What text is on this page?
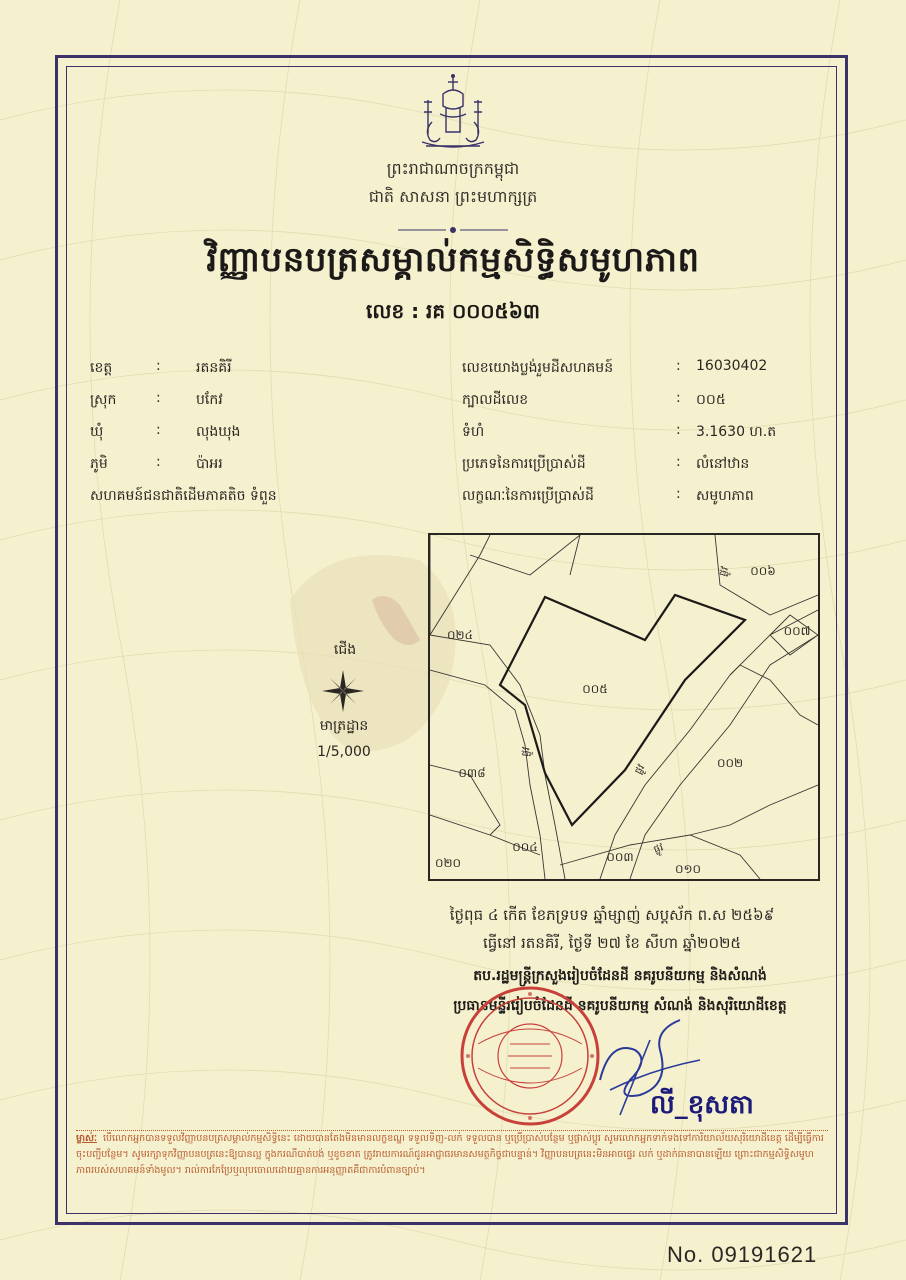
ព្រះរាជាណាចក្រកម្ពុជា
ជាតិ សាសនា ព្រះមហាក្សត្រ
វិញ្ញាបនបត្រសម្គាល់កម្មសិទ្ធិសមូហភាព
លេខ : រគ ០០០៥៦៣
ខេត្ត	:	រតនគិរី
ស្រុក	:	បកែវ
ឃុំ	:	លុងឃុង
ភូមិ	:	ប៉ាអរ
សហគមន៍ជនជាតិដើមភាគតិច ទំពួន
លេខយោងប្លង់រួមដីសហគមន៍	: 16030402
ក្បាលដីលេខ	: ០០៥
ទំហំ	: 3.1630 ហ.ត
ប្រភេទនៃការប្រើប្រាស់ដី	: លំនៅឋាន
លក្ខណៈនៃការប្រើប្រាស់ដី	: សមូហភាព
ជើង
មាត្រដ្ឋាន
1/5,000
០០៥
០០៦
០០៧
០២៤
០៣៨
០០២
០០៤
០០៣
០២០	០១០
ផ្លូវ
ផ្លូវ
ផ្លូវ
ផ្លូវ
ថ្ងៃពុធ ៤ កើត ខែភទ្របទ ឆ្នាំម្សាញ់ សប្តស័ក ព.ស ២៥៦៩
ធ្វើនៅ រតនគិរី, ថ្ងៃទី ២៧ ខែ សីហា ឆ្នាំ២០២៥
តប.រដ្ឋមន្ត្រីក្រសួងរៀបចំដែនដី នគរូបនីយកម្ម និងសំណង់
ប្រធានមន្ទីររៀបចំដែនដី នគរូបនីយកម្ម សំណង់ និងសុរិយោដីខេត្ត
លី_ខុសតា
ម្ចាស់ៈ បើលោកអ្នកបានទទួលវិញ្ញាបនបត្រសម្គាល់កម្មសិទ្ធិនេះ ដោយបានតែងមិនមានលក្ខខណ្ឌ ទទួលទិញ-លក់ ទទួលបាន ឬប្រើប្រាស់បន្ថែម ឬផ្លាស់ប្តូរ សូមលោកអ្នកទាក់ទងទៅការិយាល័យសុរិយោដីខេត្ត ដើម្បីធ្វើការចុះបញ្ជីបន្ថែម។ សូមរក្សាទុកវិញ្ញាបនបត្រនេះឱ្យបានល្អ ក្នុងករណីបាត់បង់ ឬខូចខាត ត្រូវរាយការណ៍ជូនអាជ្ញាធរមានសមត្ថកិច្ចជាបន្ទាន់។ វិញ្ញាបនបត្រនេះមិនអាចផ្ទេរ លក់ ឬដាក់ធានាបានឡើយ ព្រោះជាកម្មសិទ្ធិសមូហភាពរបស់សហគមន៍ទាំងមូល។ រាល់ការកែប្រែឬលុបចោលដោយគ្មានការអនុញ្ញាតគឺជាការបំពានច្បាប់។
No. 09191621
